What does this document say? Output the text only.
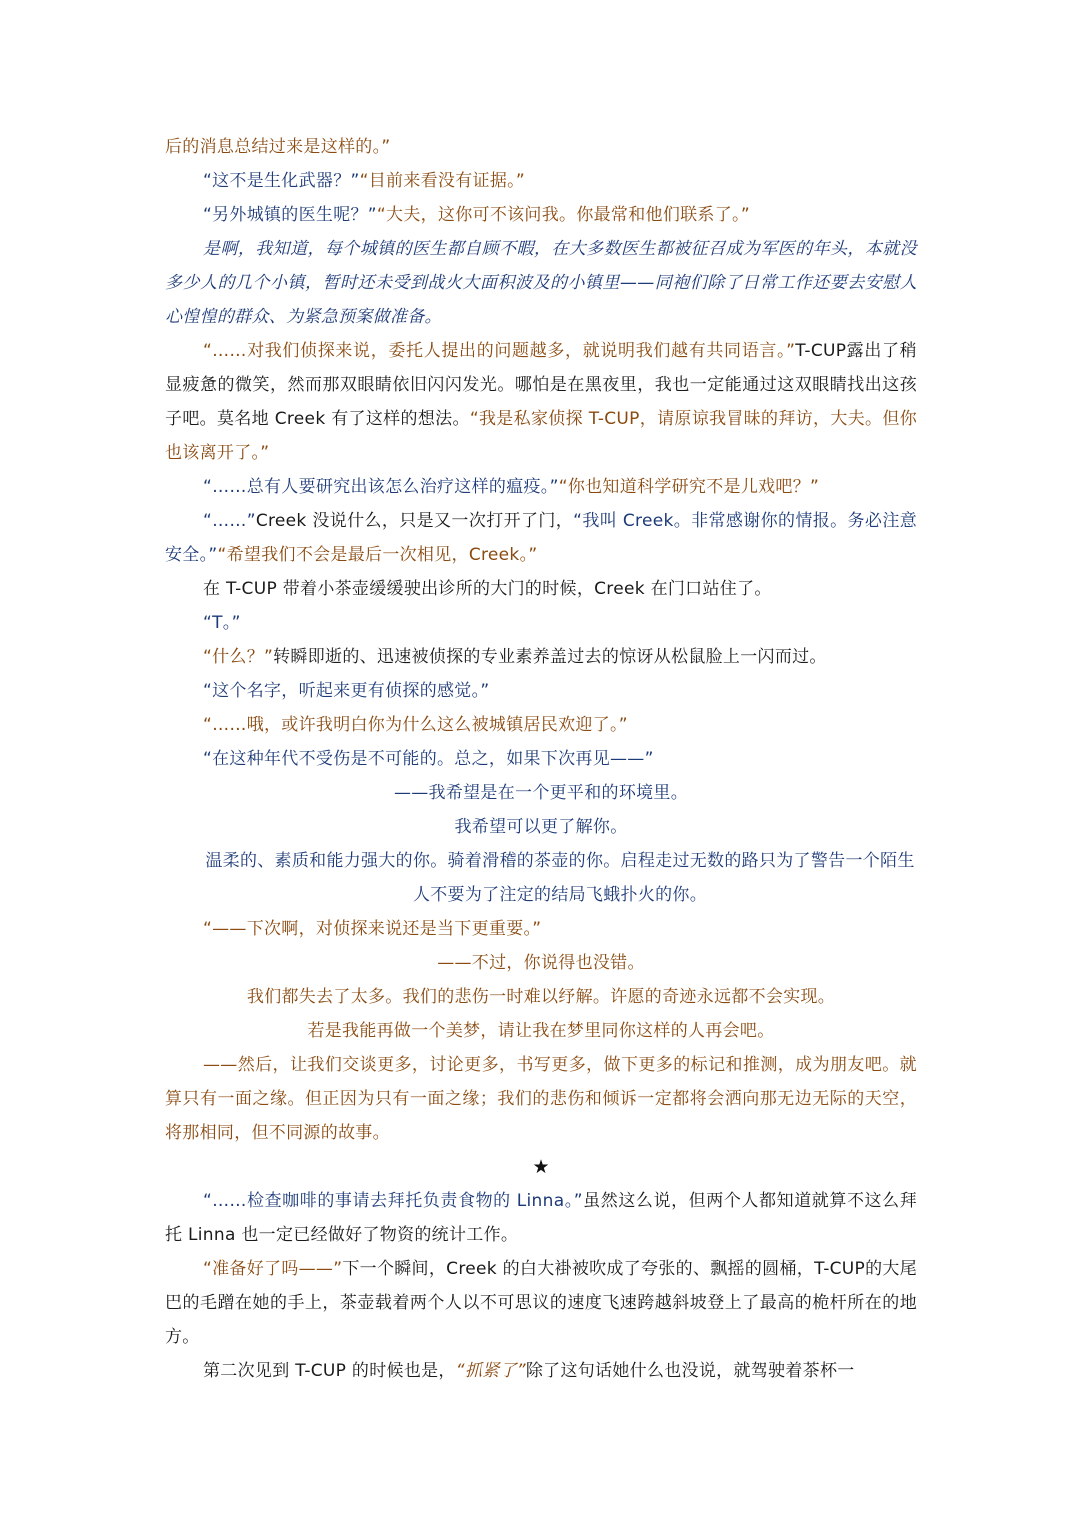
后的消息总结过来是这样的。”

“这不是生化武器？”“目前来看没有证据。”

“另外城镇的医生呢？”“大夫，这你可不该问我。你最常和他们联系了。”

是啊，我知道，每个城镇的医生都自顾不暇，在大多数医生都被征召成为军医的年头，本就没多少人的几个小镇，暂时还未受到战火大面积波及的小镇里——同袍们除了日常工作还要去安慰人心惶惶的群众、为紧急预案做准备。

“……对我们侦探来说，委托人提出的问题越多，就说明我们越有共同语言。”T-CUP露出了稍显疲惫的微笑，然而那双眼睛依旧闪闪发光。哪怕是在黑夜里，我也一定能通过这双眼睛找出这孩子吧。莫名地 Creek 有了这样的想法。“我是私家侦探 T-CUP，请原谅我冒昧的拜访，大夫。但你也该离开了。”

“……总有人要研究出该怎么治疗这样的瘟疫。”“你也知道科学研究不是儿戏吧？”

“……”Creek 没说什么，只是又一次打开了门，“我叫 Creek。非常感谢你的情报。务必注意安全。”“希望我们不会是最后一次相见，Creek。”

在 T-CUP 带着小茶壶缓缓驶出诊所的大门的时候，Creek 在门口站住了。

“T。”

“什么？”转瞬即逝的、迅速被侦探的专业素养盖过去的惊讶从松鼠脸上一闪而过。

“这个名字，听起来更有侦探的感觉。”

“……哦，或许我明白你为什么这么被城镇居民欢迎了。”

“在这种年代不受伤是不可能的。总之，如果下次再见——”

——我希望是在一个更平和的环境里。

我希望可以更了解你。

温柔的、素质和能力强大的你。骑着滑稽的茶壶的你。启程走过无数的路只为了警告一个陌生人不要为了注定的结局飞蛾扑火的你。

“——下次啊，对侦探来说还是当下更重要。”

——不过，你说得也没错。

我们都失去了太多。我们的悲伤一时难以纾解。许愿的奇迹永远都不会实现。

若是我能再做一个美梦，请让我在梦里同你这样的人再会吧。

——然后，让我们交谈更多，讨论更多，书写更多，做下更多的标记和推测，成为朋友吧。就算只有一面之缘。但正因为只有一面之缘；我们的悲伤和倾诉一定都将会洒向那无边无际的天空，将那相同，但不同源的故事。

★

“……检查咖啡的事请去拜托负责食物的 Linna。”虽然这么说，但两个人都知道就算不这么拜托 Linna 也一定已经做好了物资的统计工作。

“准备好了吗——”下一个瞬间，Creek 的白大褂被吹成了夸张的、飘摇的圆桶，T-CUP的大尾巴的毛蹭在她的手上，茶壶载着两个人以不可思议的速度飞速跨越斜坡登上了最高的桅杆所在的地方。

第二次见到 T-CUP 的时候也是，“抓紧了”除了这句话她什么也没说，就驾驶着茶杯一
